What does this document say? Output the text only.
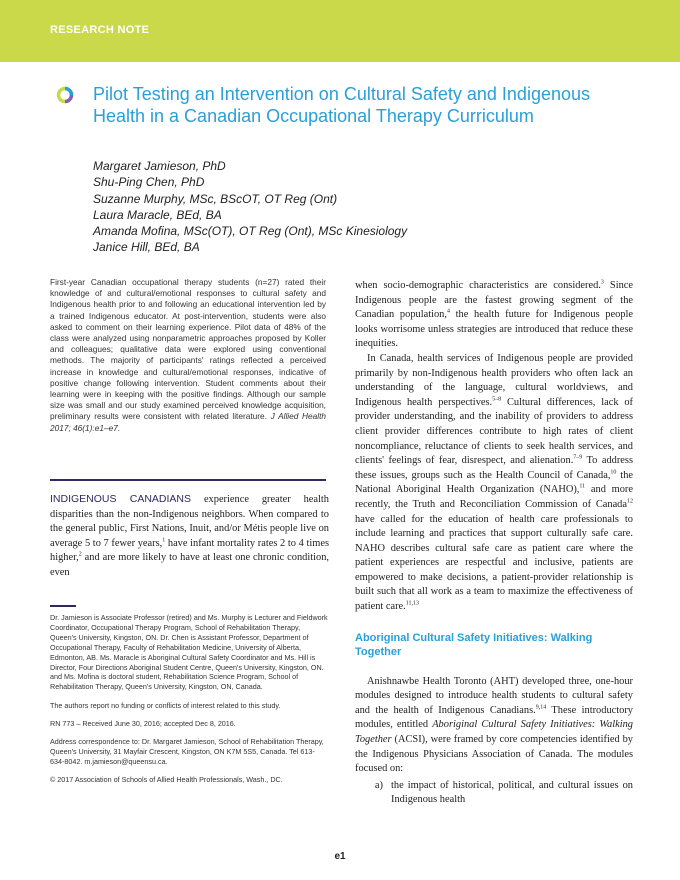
RESEARCH NOTE
Pilot Testing an Intervention on Cultural Safety and Indigenous Health in a Canadian Occupational Therapy Curriculum
Margaret Jamieson, PhD
Shu-Ping Chen, PhD
Suzanne Murphy, MSc, BScOT, OT Reg (Ont)
Laura Maracle, BEd, BA
Amanda Mofina, MSc(OT), OT Reg (Ont), MSc Kinesiology
Janice Hill, BEd, BA

First-year Canadian occupational therapy students (n=27) rated their knowledge of and cultural/emotional responses to cultural safety and Indigenous health prior to and following an educational intervention led by a trained Indigenous educator. At post-intervention, students were also asked to comment on their learning experience. Pilot data of 48% of the class were analyzed using nonparametric approaches proposed by Koller and colleagues; qualitative data were explored using conventional methods. The majority of participants' ratings reflected a perceived increase in knowledge and cultural/emotional responses, indicative of positive change following intervention. Student comments about their learning were in keeping with the positive findings. Although our sample size was small and our study examined perceived knowledge acquisition, preliminary results were consistent with related literature. J Allied Health 2017; 46(1):e1–e7.

INDIGENOUS CANADIANS experience greater health disparities than the non-Indigenous neighbors. When compared to the general public, First Nations, Inuit, and/or Métis people live on average 5 to 7 fewer years,$^1$ have infant mortality rates 2 to 4 times higher,$^2$ and are more likely to have at least one chronic condition, even

Dr. Jamieson is Associate Professor (retired) and Ms. Murphy is Lecturer and Fieldwork Coordinator, Occupational Therapy Program, School of Rehabilitation Therapy, Queen's University, Kingston, ON. Dr. Chen is Assistant Professor, Department of Occupational Therapy, Faculty of Rehabilitation Medicine, University of Alberta, Edmonton, AB. Ms. Maracle is Aboriginal Cultural Safety Coordinator and Ms. Hill is Director, Four Directions Aboriginal Student Centre, Queen's University, Kingston, ON. and Ms. Mofina is doctoral student, Rehabilitation Science Program, School of Rehabilitation Therapy, Queen's University, Kingston, ON, Canada.

The authors report no funding or conflicts of interest related to this study.

RN 773 – Received June 30, 2016; accepted Dec 8, 2016.

Address correspondence to: Dr. Margaret Jamieson, School of Rehabilitation Therapy, Queen's University, 31 Mayfair Crescent, Kingston, ON K7M 5S5, Canada. Tel 613-634-8042. m.jamieson@queensu.ca.

© 2017 Association of Schools of Allied Health Professionals, Wash., DC.

when socio-demographic characteristics are considered.$^3$ Since Indigenous people are the fastest growing segment of the Canadian population,$^4$ the health future for Indigenous people looks worrisome unless strategies are introduced that reduce these inequities.

In Canada, health services of Indigenous people are provided primarily by non-Indigenous health providers who often lack an understanding of the language, cultural worldviews, and Indigenous health perspectives.$^{5-8}$ Cultural differences, lack of provider understanding, and the inability of providers to address client provider differences contribute to high rates of client noncompliance, reluctance of clients to seek health services, and clients' feelings of fear, disrespect, and alienation.$^{7-9}$ To address these issues, groups such as the Health Council of Canada,$^{10}$ the National Aboriginal Health Organization (NAHO),$^{11}$ and more recently, the Truth and Reconciliation Commission of Canada$^{12}$ have called for the education of health care professionals to include learning and practices that support culturally safe care. NAHO describes cultural safe care as patient care where the patient experiences are respectful and inclusive, patients are empowered to make decisions, a patient-provider relationship is built such that all work as a team to maximize the effectiveness of patient care.$^{11,13}$

Aboriginal Cultural Safety Initiatives: Walking Together

Anishnawbe Health Toronto (AHT) developed three, one-hour modules designed to introduce health students to cultural safety and the health of Indigenous Canadians.$^{9,14}$ These introductory modules, entitled Aboriginal Cultural Safety Initiatives: Walking Together (ACSI), were framed by core competencies identified by the Indigenous Physicians Association of Canada. The modules focused on:

a) the impact of historical, political, and cultural issues on Indigenous health
e1
